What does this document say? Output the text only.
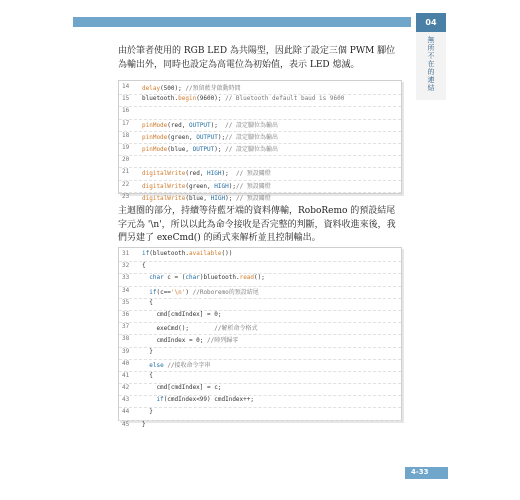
04
無所不在的連結
由於筆者使用的 RGB LED 為共陽型，因此除了設定三個 PWM 腳位為輸出外，同時也設定為高電位為初始值，表示 LED 熄滅。
14	delay(500); //預留藍芽啟動時間
15	bluetooth.begin(9600); // Bluetooth default baud is 9600
16
17	pinMode(red, OUTPUT);  // 設定腳位為輸出
18	pinMode(green, OUTPUT);// 設定腳位為輸出
19	pinMode(blue, OUTPUT); // 設定腳位為輸出
20
21	digitalWrite(red, HIGH);  // 預設關燈
22	digitalWrite(green, HIGH);// 預設關燈
23	digitalWrite(blue, HIGH); // 預設關燈
主迴圈的部分，持續等待藍牙端的資料傳輸，RoboRemo 的預設結尾字元為 '\n'，所以以此為命令接收是否完整的判斷，資料收進來後，我們另建了 exeCmd() 的函式來解析並且控制輸出。
31	if(bluetooth.available())
32	{
33	char c = (char)bluetooth.read();
34	if(c=='\n') //Roboremo的預設結尾
35	{
36	cmd[cmdIndex] = 0;
37	exeCmd();       //解析命令格式
38	cmdIndex = 0; //陣列歸零
39	}
40	else //接收命令字串
41	{
42	cmd[cmdIndex] = c;
43	if(cmdIndex<99) cmdIndex++;
44	}
45	}
4-33
